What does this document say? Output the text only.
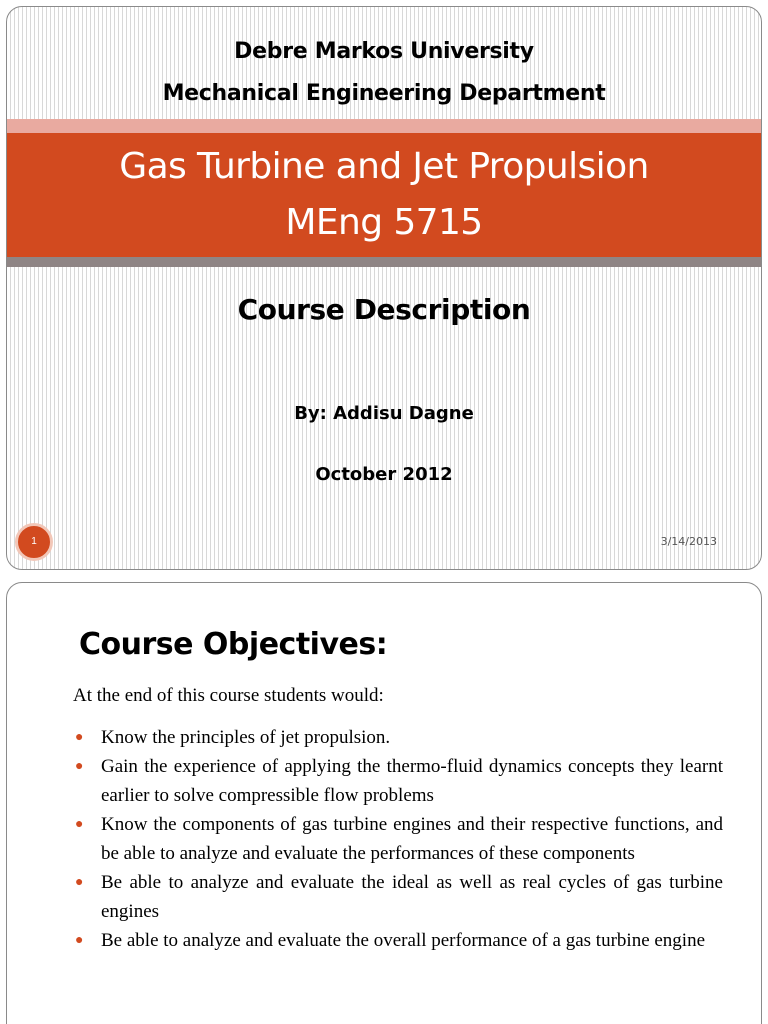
Debre Markos University
Mechanical Engineering Department
Gas Turbine and Jet Propulsion
MEng 5715
Course Description
By: Addisu Dagne
October 2012
1	3/14/2013
Course Objectives:
At the end of this course students would:
● Know the principles of jet propulsion.
● Gain the experience of applying the thermo-fluid dynamics concepts they learnt earlier to solve compressible flow problems
● Know the components of gas turbine engines and their respective functions, and be able to analyze and evaluate the performances of these components
● Be able to analyze and evaluate the ideal as well as real cycles of gas turbine engines
● Be able to analyze and evaluate the overall performance of a gas turbine engine
